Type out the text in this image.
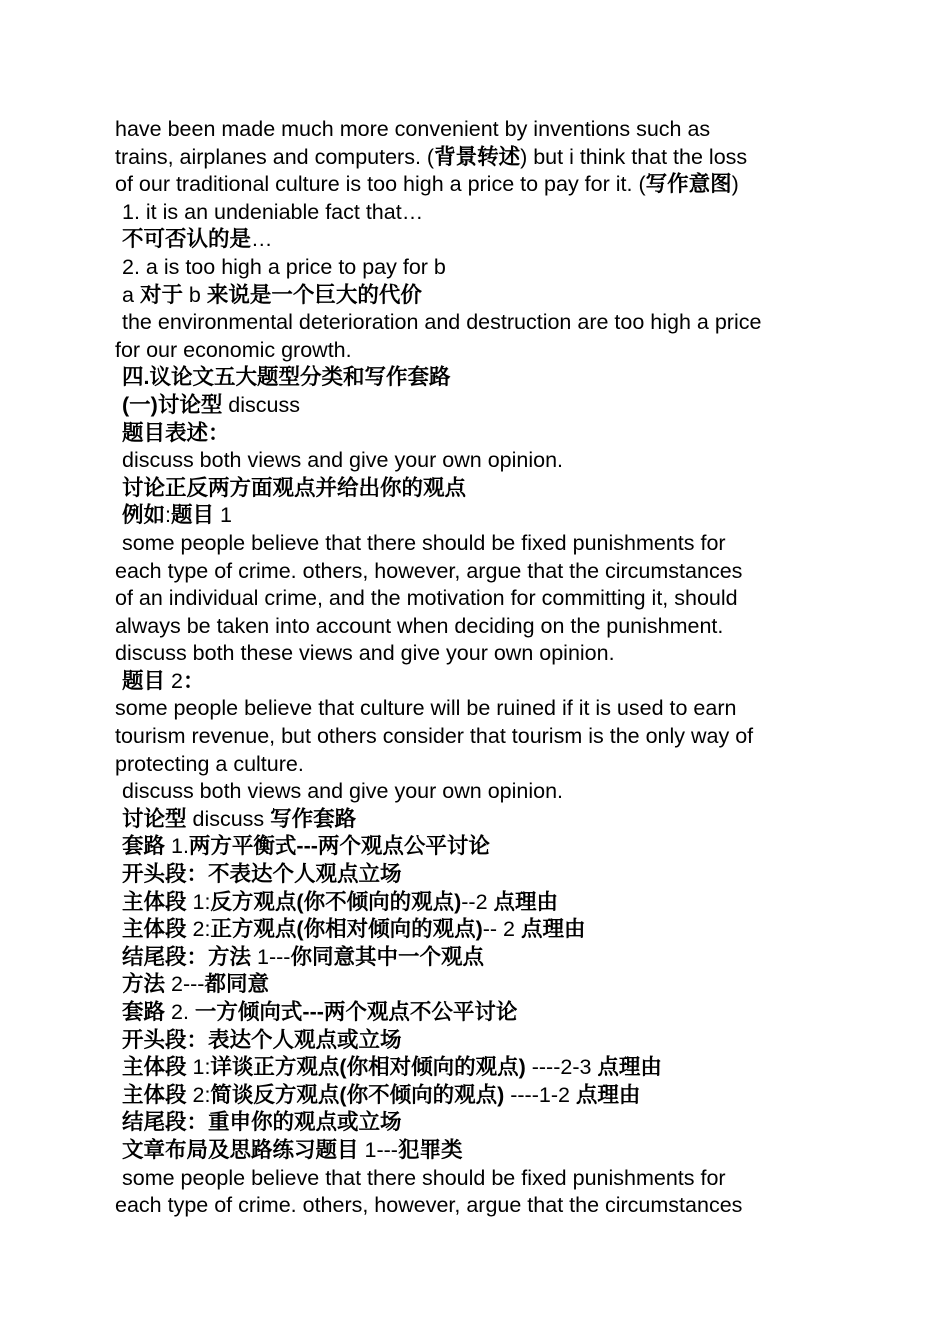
have been made much more convenient by inventions such as
trains, airplanes and computers. (背景转述) but i think that the loss
of our traditional culture is too high a price to pay for it. (写作意图)
1. it is an undeniable fact that…
不可否认的是…
2. a is too high a price to pay for b
a 对于 b 来说是一个巨大的代价
the environmental deterioration and destruction are too high a price
for our economic growth.
四.议论文五大题型分类和写作套路
(一)讨论型 discuss
题目表述：
discuss both views and give your own opinion.
讨论正反两方面观点并给出你的观点
例如:题目 1
some people believe that there should be fixed punishments for
each type of crime. others, however, argue that the circumstances
of an individual crime, and the motivation for committing it, should
always be taken into account when deciding on the punishment.
discuss both these views and give your own opinion.
题目 2：
some people believe that culture will be ruined if it is used to earn
tourism revenue, but others consider that tourism is the only way of
protecting a culture.
discuss both views and give your own opinion.
讨论型 discuss 写作套路
套路 1.两方平衡式---两个观点公平讨论
开头段：不表达个人观点立场
主体段 1:反方观点(你不倾向的观点)--2 点理由
主体段 2:正方观点(你相对倾向的观点)-- 2 点理由
结尾段：方法 1---你同意其中一个观点
方法 2---都同意
套路 2. 一方倾向式---两个观点不公平讨论
开头段：表达个人观点或立场
主体段 1:详谈正方观点(你相对倾向的观点) ----2-3 点理由
主体段 2:简谈反方观点(你不倾向的观点) ----1-2 点理由
结尾段：重申你的观点或立场
文章布局及思路练习题目 1---犯罪类
some people believe that there should be fixed punishments for
each type of crime. others, however, argue that the circumstances
